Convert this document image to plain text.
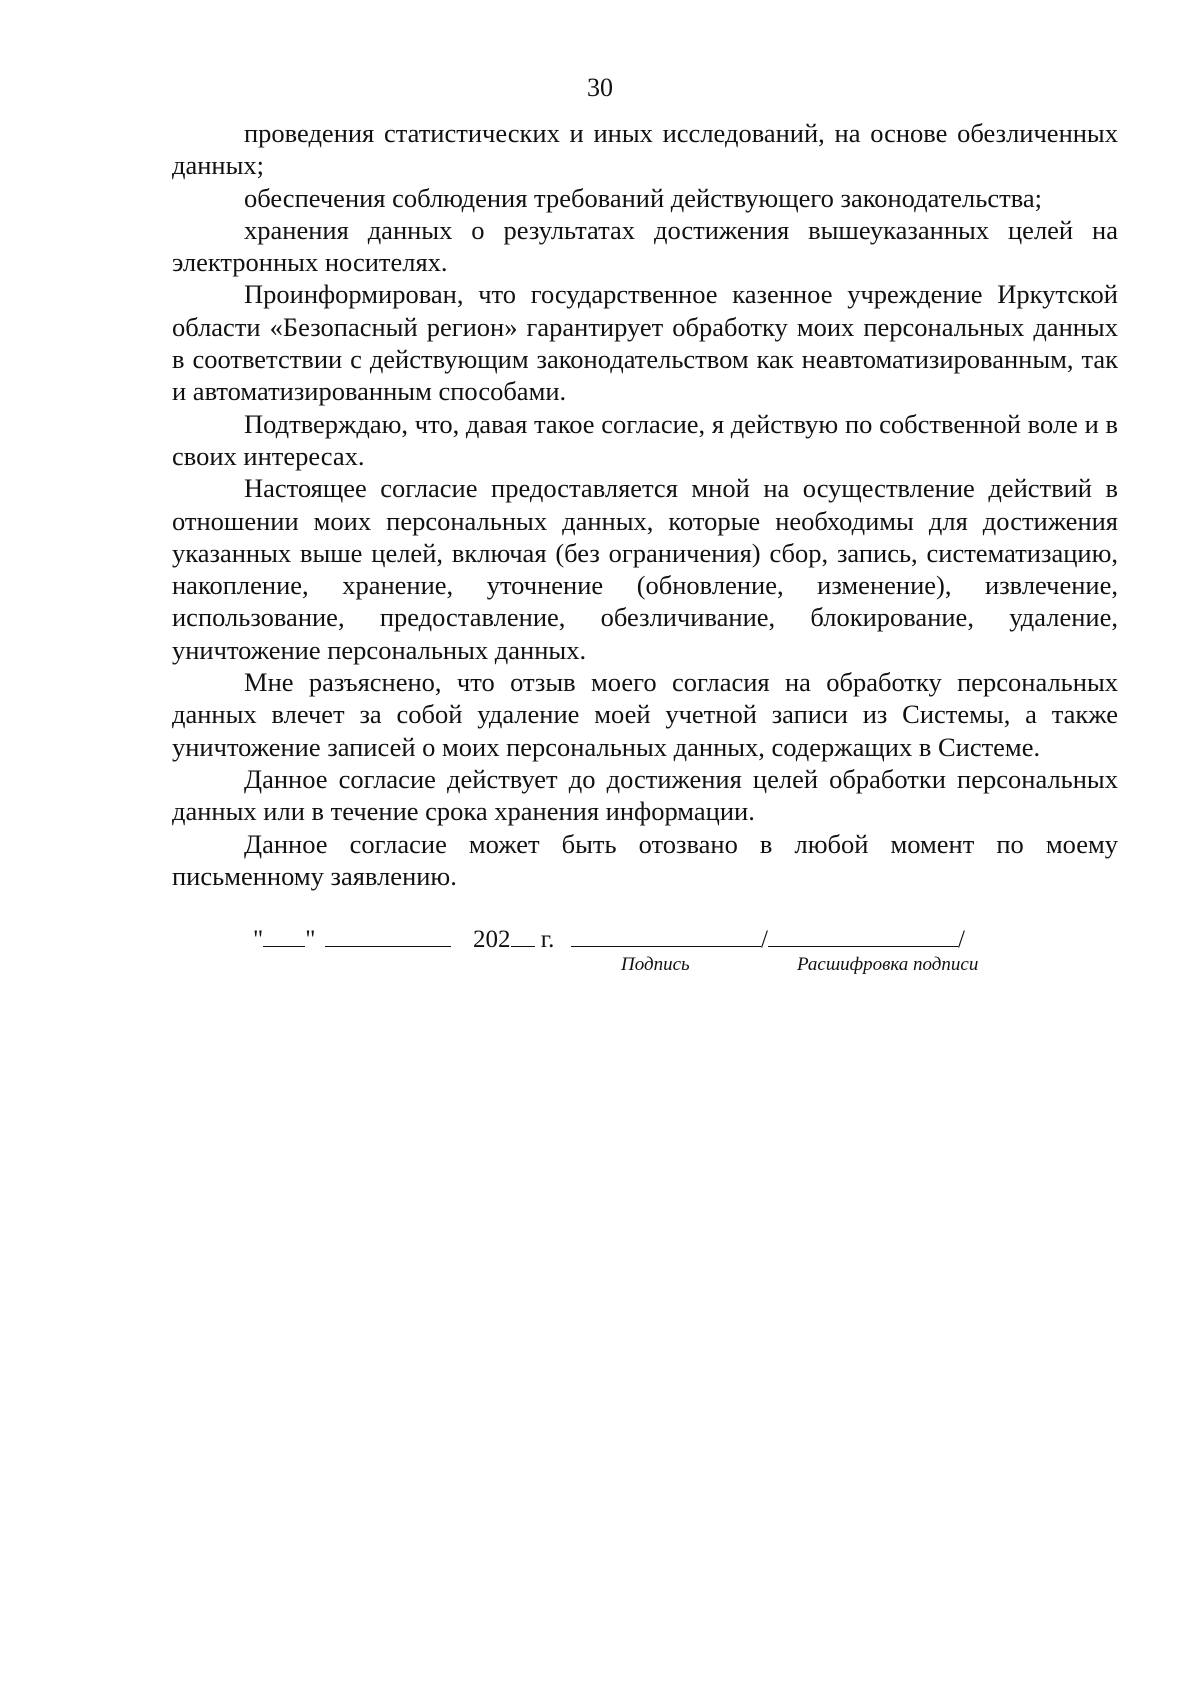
30

проведения статистических и иных исследований, на основе обезличенных данных;

обеспечения соблюдения требований действующего законодательства;

хранения данных о результатах достижения вышеуказанных целей на электронных носителях.

Проинформирован, что государственное казенное учреждение Иркутской области «Безопасный регион» гарантирует обработку моих персональных данных в соответствии с действующим законодательством как неавтоматизированным, так и автоматизированным способами.

Подтверждаю, что, давая такое согласие, я действую по собственной воле и в своих интересах.

Настоящее согласие предоставляется мной на осуществление действий в отношении моих персональных данных, которые необходимы для достижения указанных выше целей, включая (без ограничения) сбор, запись, систематизацию, накопление, хранение, уточнение (обновление, изменение), извлечение, использование, предоставление, обезличивание, блокирование, удаление, уничтожение персональных данных.

Мне разъяснено, что отзыв моего согласия на обработку персональных данных влечет за собой удаление моей учетной записи из Системы, а также уничтожение записей о моих персональных данных, содержащих в Системе.

Данное согласие действует до достижения целей обработки персональных данных или в течение срока хранения информации.

Данное согласие может быть отозвано в любой момент по моему письменному заявлению.

" "	202 г.	/	/
Подпись	Расшифровка подписи
